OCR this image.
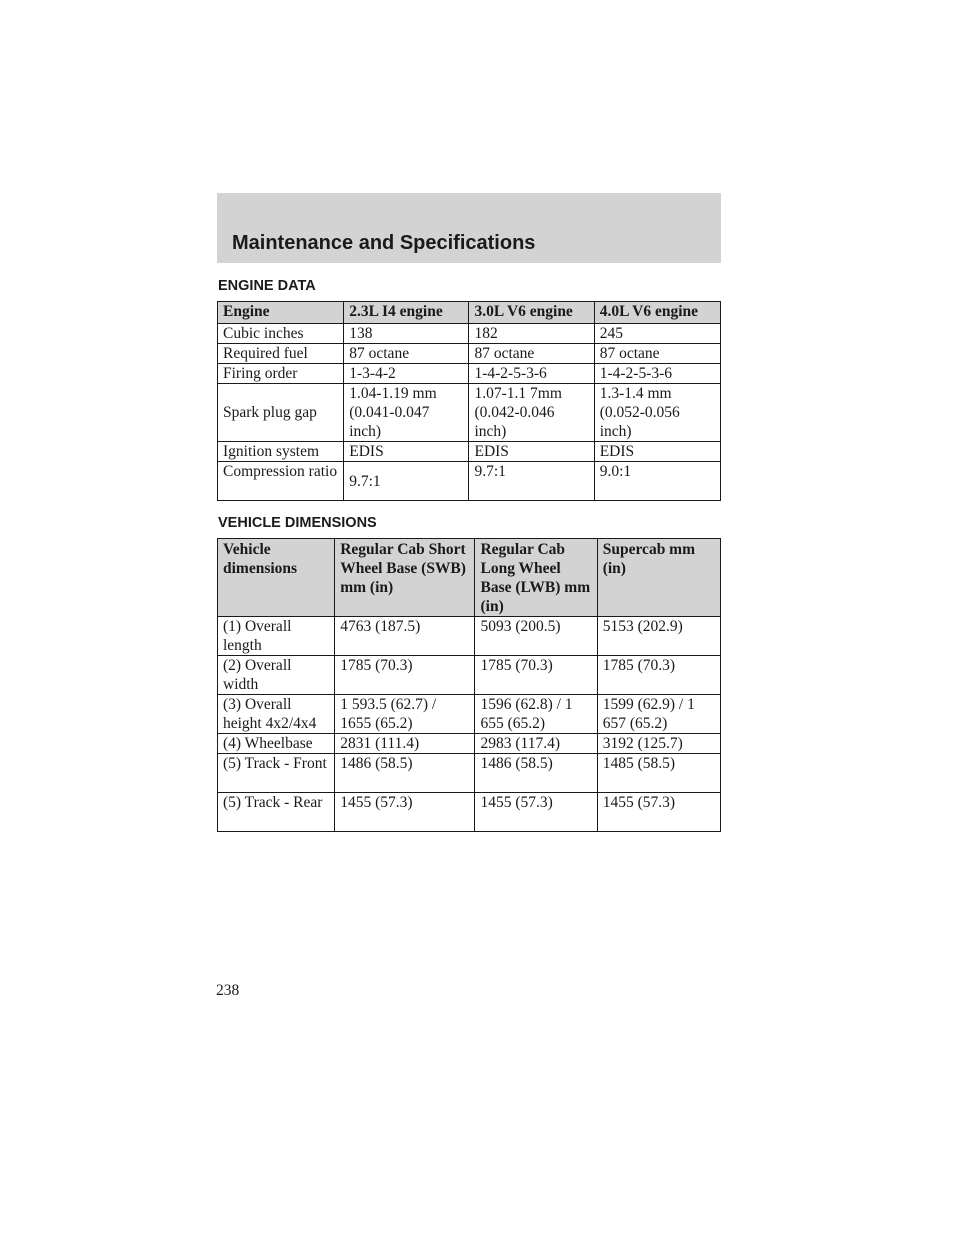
Maintenance and Specifications
ENGINE DATA
Engine	2.3L I4 engine	3.0L V6 engine	4.0L V6 engine
Cubic inches	138	182	245
Required fuel	87 octane	87 octane	87 octane
Firing order	1-3-4-2	1-4-2-5-3-6	1-4-2-5-3-6
Spark plug gap	1.04-1.19 mm (0.041-0.047 inch)	1.07-1.1 7mm (0.042-0.046 inch)	1.3-1.4 mm (0.052-0.056 inch)
Ignition system	EDIS	EDIS	EDIS
Compression ratio	9.7:1	9.7:1	9.0:1
VEHICLE DIMENSIONS
Vehicle dimensions	Regular Cab Short Wheel Base (SWB) mm (in)	Regular Cab Long Wheel Base (LWB) mm (in)	Supercab mm (in)
(1) Overall length	4763 (187.5)	5093 (200.5)	5153 (202.9)
(2) Overall width	1785 (70.3)	1785 (70.3)	1785 (70.3)
(3) Overall height 4x2/4x4	1 593.5 (62.7) / 1655 (65.2)	1596 (62.8) / 1 655 (65.2)	1599 (62.9) / 1 657 (65.2)
(4) Wheelbase	2831 (111.4)	2983 (117.4)	3192 (125.7)
(5) Track - Front	1486 (58.5)	1486 (58.5)	1485 (58.5)
(5) Track - Rear	1455 (57.3)	1455 (57.3)	1455 (57.3)
238
